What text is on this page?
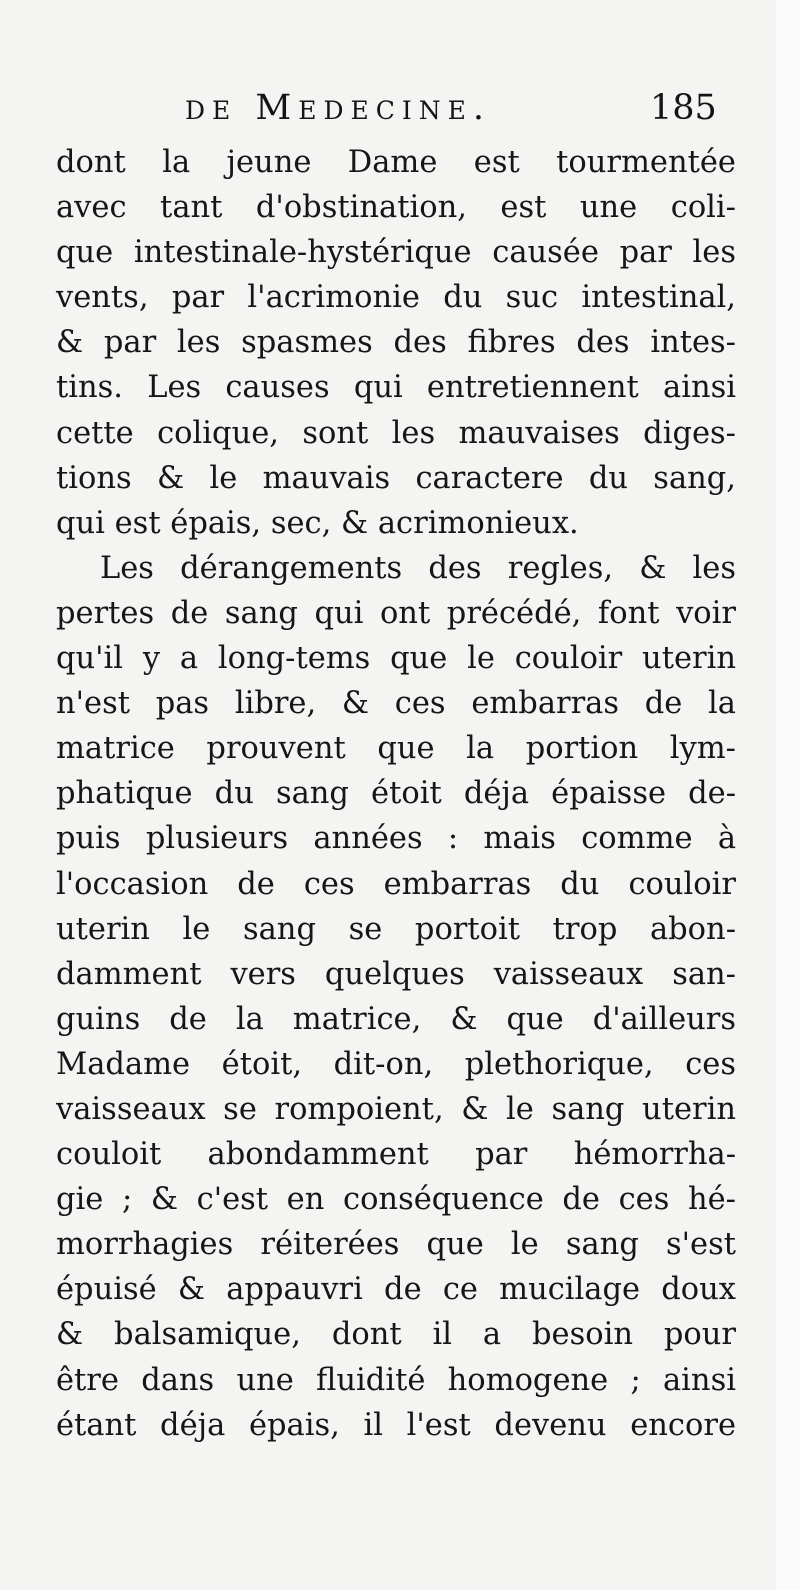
de Medecine.	185
dont la jeune Dame est tourmentée
avec tant d'obstination, est une coli-
que intestinale-hystérique causée par les
vents, par l'acrimonie du suc intestinal,
& par les spasmes des fibres des intes-
tins. Les causes qui entretiennent ainsi
cette colique, sont les mauvaises diges-
tions & le mauvais caractere du sang,
qui est épais, sec, & acrimonieux.
Les dérangements des regles, & les
pertes de sang qui ont précédé, font voir
qu'il y a long-tems que le couloir uterin
n'est pas libre, & ces embarras de la
matrice prouvent que la portion lym-
phatique du sang étoit déja épaisse de-
puis plusieurs années : mais comme à
l'occasion de ces embarras du couloir
uterin le sang se portoit trop abon-
damment vers quelques vaisseaux san-
guins de la matrice, & que d'ailleurs
Madame étoit, dit-on, plethorique, ces
vaisseaux se rompoient, & le sang uterin
couloit abondamment par hémorrha-
gie ; & c'est en conséquence de ces hé-
morrhagies réiterées que le sang s'est
épuisé & appauvri de ce mucilage doux
& balsamique, dont il a besoin pour
être dans une fluidité homogene ; ainsi
étant déja épais, il l'est devenu encore
